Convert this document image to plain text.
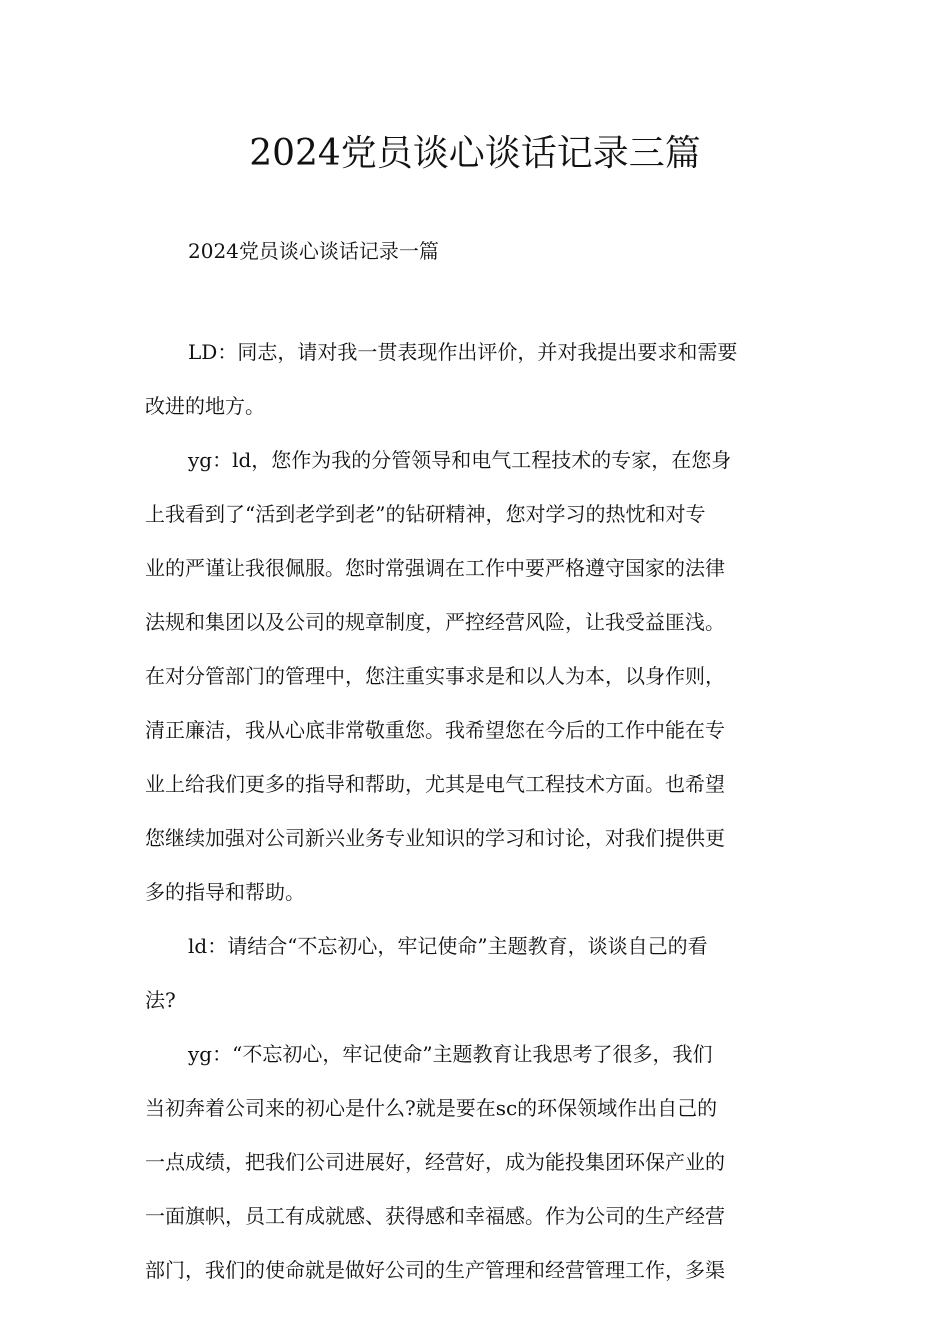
2024党员谈心谈话记录三篇

2024党员谈心谈话记录一篇

LD：同志，请对我一贯表现作出评价，并对我提出要求和需要
改进的地方。
yg：ld，您作为我的分管领导和电气工程技术的专家，在您身
上我看到了“活到老学到老”的钻研精神，您对学习的热忱和对专
业的严谨让我很佩服。您时常强调在工作中要严格遵守国家的法律
法规和集团以及公司的规章制度，严控经营风险，让我受益匪浅。
在对分管部门的管理中，您注重实事求是和以人为本，以身作则，
清正廉洁，我从心底非常敬重您。我希望您在今后的工作中能在专
业上给我们更多的指导和帮助，尤其是电气工程技术方面。也希望
您继续加强对公司新兴业务专业知识的学习和讨论，对我们提供更
多的指导和帮助。
ld：请结合“不忘初心，牢记使命”主题教育，谈谈自己的看
法?
yg：“不忘初心，牢记使命”主题教育让我思考了很多，我们
当初奔着公司来的初心是什么?就是要在sc的环保领域作出自己的
一点成绩，把我们公司进展好，经营好，成为能投集团环保产业的
一面旗帜，员工有成就感、获得感和幸福感。作为公司的生产经营
部门，我们的使命就是做好公司的生产管理和经营管理工作，多渠
